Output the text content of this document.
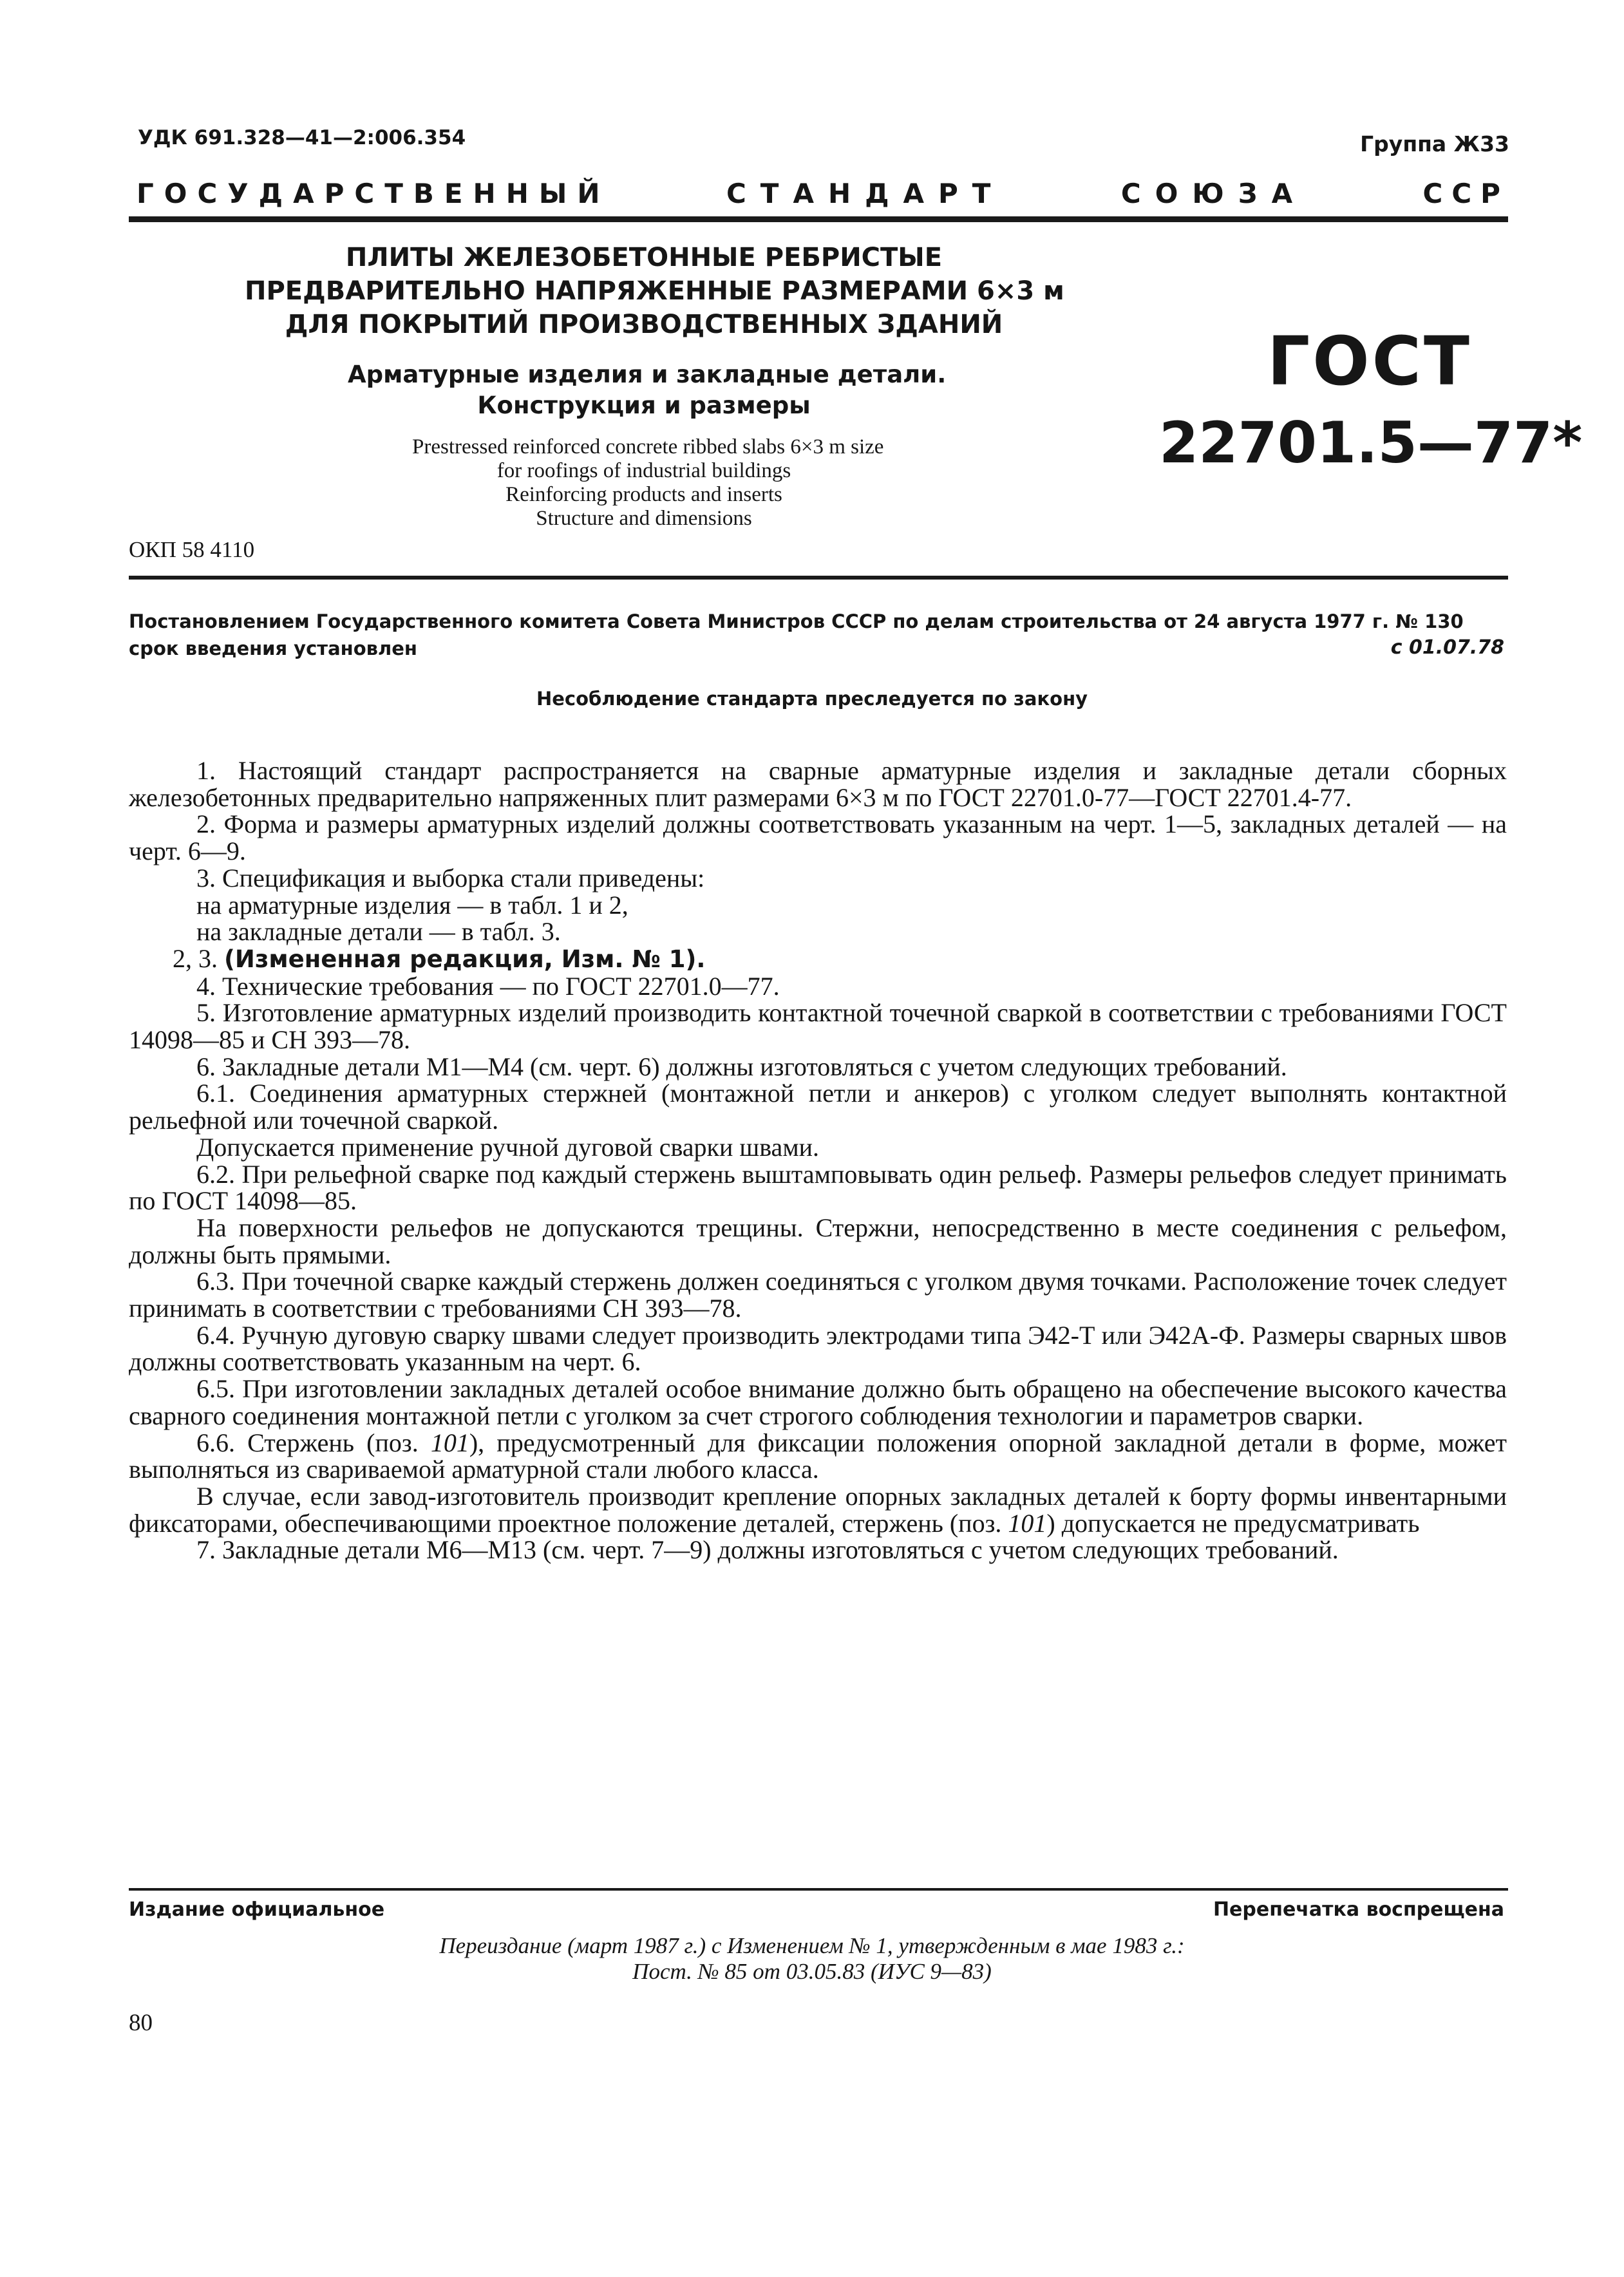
УДК 691.328—41—2:006.354	Группа Ж33
ГОСУДАРСТВЕННЫЙ	СТАНДАРТ	СОЮЗА	ССР
ПЛИТЫ ЖЕЛЕЗОБЕТОННЫЕ РЕБРИСТЫЕ
ПРЕДВАРИТЕЛЬНО НАПРЯЖЕННЫЕ РАЗМЕРАМИ 6×3 м
ДЛЯ ПОКРЫТИЙ ПРОИЗВОДСТВЕННЫХ ЗДАНИЙ
Арматурные изделия и закладные детали.
Конструкция и размеры
Prestressed reinforced concrete ribbed slabs 6×3 m size
for roofings of industrial buildings
Reinforcing products and inserts
Structure and dimensions
ГОСТ
22701.5—77*
ОКП 58 4110
Постановлением Государственного комитета Совета Министров СССР по делам строительства от 24 августа 1977 г. № 130
срок введения установлен	с 01.07.78
Несоблюдение стандарта преследуется по закону

1. Настоящий стандарт распространяется на сварные арматурные изделия и закладные детали сборных железобетонных предварительно напряженных плит размерами 6×3 м по ГОСТ 22701.0-77—ГОСТ 22701.4-77.

2. Форма и размеры арматурных изделий должны соответствовать указанным на черт. 1—5, закладных деталей — на черт. 6—9.

3. Спецификация и выборка стали приведены:

на арматурные изделия — в табл. 1 и 2,

на закладные детали — в табл. 3.

2, 3. (Измененная редакция, Изм. № 1).

4. Технические требования — по ГОСТ 22701.0—77.

5. Изготовление арматурных изделий производить контактной точечной сваркой в соответствии с требованиями ГОСТ 14098—85 и СН 393—78.

6. Закладные детали М1—М4 (см. черт. 6) должны изготовляться с учетом следующих требований.

6.1. Соединения арматурных стержней (монтажной петли и анкеров) с уголком следует выполнять контактной рельефной или точечной сваркой.

Допускается применение ручной дуговой сварки швами.

6.2. При рельефной сварке под каждый стержень выштамповывать один рельеф. Размеры рельефов следует принимать по ГОСТ 14098—85.

На поверхности рельефов не допускаются трещины. Стержни, непосредственно в месте соединения с рельефом, должны быть прямыми.

6.3. При точечной сварке каждый стержень должен соединяться с уголком двумя точками. Расположение точек следует принимать в соответствии с требованиями СН 393—78.

6.4. Ручную дуговую сварку швами следует производить электродами типа Э42-Т или Э42А-Ф. Размеры сварных швов должны соответствовать указанным на черт. 6.

6.5. При изготовлении закладных деталей особое внимание должно быть обращено на обеспечение высокого качества сварного соединения монтажной петли с уголком за счет строгого соблюдения технологии и параметров сварки.

6.6. Стержень (поз. 101), предусмотренный для фиксации положения опорной закладной детали в форме, может выполняться из свариваемой арматурной стали любого класса.

В случае, если завод-изготовитель производит крепление опорных закладных деталей к борту формы инвентарными фиксаторами, обеспечивающими проектное положение деталей, стержень (поз. 101) допускается не предусматривать

7. Закладные детали М6—М13 (см. черт. 7—9) должны изготовляться с учетом следующих требований.

Издание официальное	Перепечатка воспрещена
Переиздание (март 1987 г.) с Изменением № 1, утвержденным в мае 1983 г.:
Пост. № 85 от 03.05.83 (ИУС 9—83)
80
